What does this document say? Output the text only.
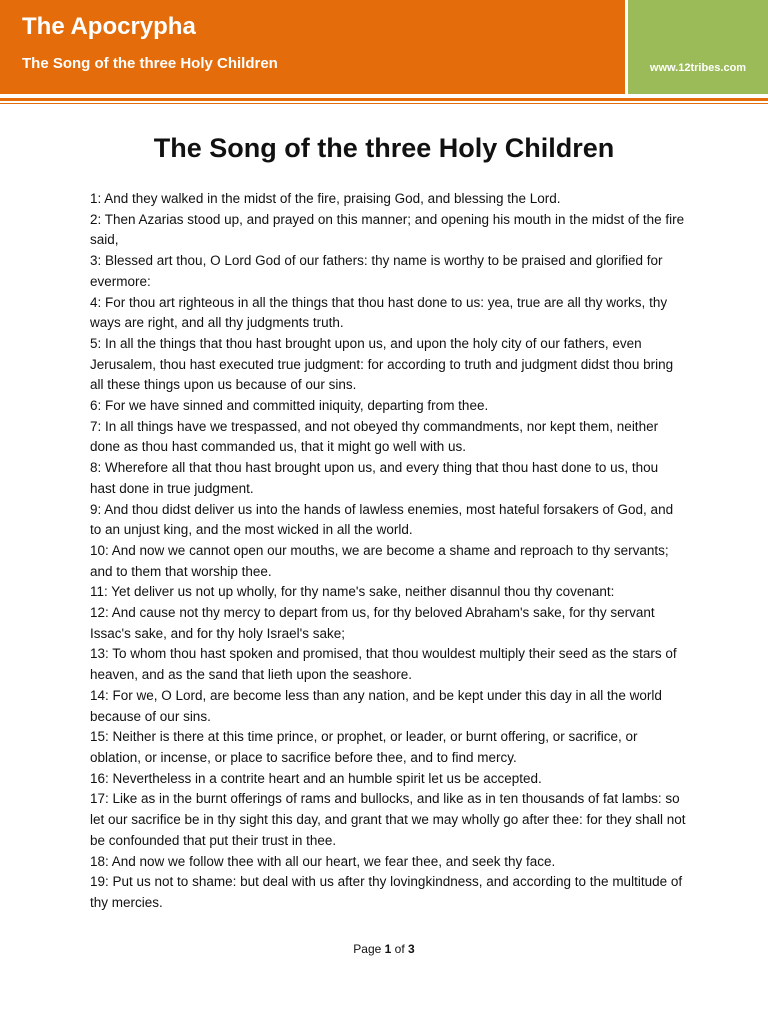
The Apocrypha
The Song of the three Holy Children	www.12tribes.com
The Song of the three Holy Children
1: And they walked in the midst of the fire, praising God, and blessing the Lord.
2: Then Azarias stood up, and prayed on this manner; and opening his mouth in the midst of the fire said,
3: Blessed art thou, O Lord God of our fathers: thy name is worthy to be praised and glorified for evermore:
4: For thou art righteous in all the things that thou hast done to us: yea, true are all thy works, thy ways are right, and all thy judgments truth.
5: In all the things that thou hast brought upon us, and upon the holy city of our fathers, even Jerusalem, thou hast executed true judgment: for according to truth and judgment didst thou bring all these things upon us because of our sins.
6: For we have sinned and committed iniquity, departing from thee.
7: In all things have we trespassed, and not obeyed thy commandments, nor kept them, neither done as thou hast commanded us, that it might go well with us.
8: Wherefore all that thou hast brought upon us, and every thing that thou hast done to us, thou hast done in true judgment.
9: And thou didst deliver us into the hands of lawless enemies, most hateful forsakers of God, and to an unjust king, and the most wicked in all the world.
10: And now we cannot open our mouths, we are become a shame and reproach to thy servants; and to them that worship thee.
11: Yet deliver us not up wholly, for thy name's sake, neither disannul thou thy covenant:
12: And cause not thy mercy to depart from us, for thy beloved Abraham's sake, for thy servant Issac's sake, and for thy holy Israel's sake;
13: To whom thou hast spoken and promised, that thou wouldest multiply their seed as the stars of heaven, and as the sand that lieth upon the seashore.
14: For we, O Lord, are become less than any nation, and be kept under this day in all the world because of our sins.
15: Neither is there at this time prince, or prophet, or leader, or burnt offering, or sacrifice, or oblation, or incense, or place to sacrifice before thee, and to find mercy.
16: Nevertheless in a contrite heart and an humble spirit let us be accepted.
17: Like as in the burnt offerings of rams and bullocks, and like as in ten thousands of fat lambs: so let our sacrifice be in thy sight this day, and grant that we may wholly go after thee: for they shall not be confounded that put their trust in thee.
18: And now we follow thee with all our heart, we fear thee, and seek thy face.
19: Put us not to shame: but deal with us after thy lovingkindness, and according to the multitude of thy mercies.
Page 1 of 3
